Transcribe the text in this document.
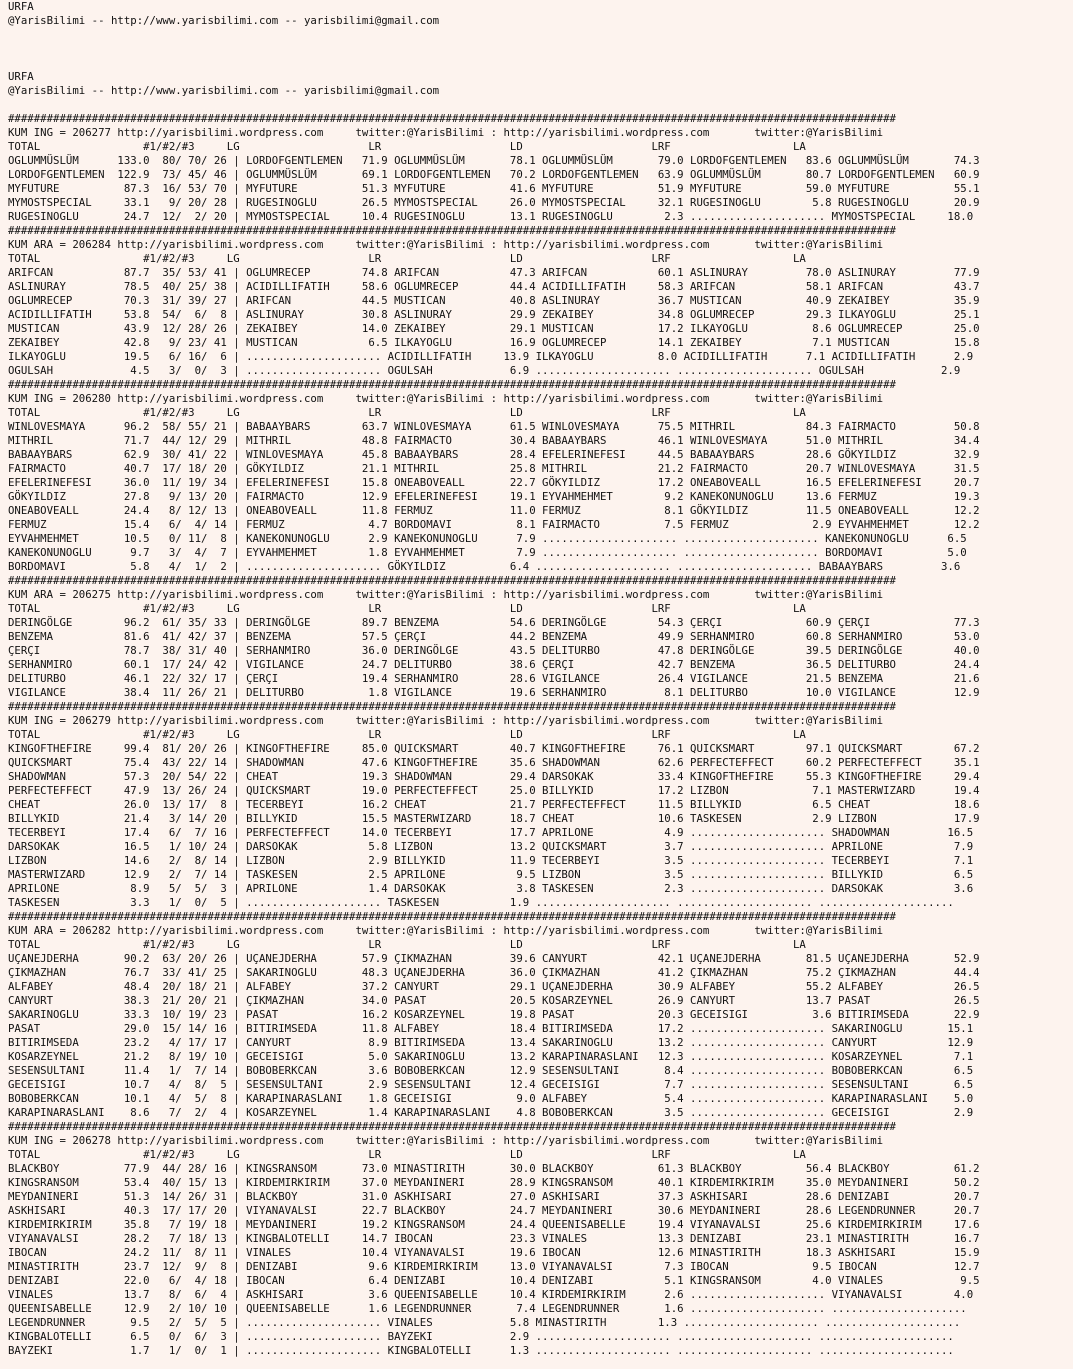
URFA
@YarisBilimi -- http://www.yarisbilimi.com -- yarisbilimi@gmail.com

URFA
@YarisBilimi -- http://www.yarisbilimi.com -- yarisbilimi@gmail.com

##########################################################################################################################################
KUM ING = 206277 http://yarisbilimi.wordpress.com     twitter:@YarisBilimi : http://yarisbilimi.wordpress.com       twitter:@YarisBilimi
TOTAL                #1/#2/#3     LG                    LR                    LD                    LRF                   LA
OGLUMMÜSLÜM      133.0  80/ 70/ 26 | LORDOFGENTLEMEN   71.9 OGLUMMÜSLÜM       78.1 OGLUMMÜSLÜM       79.0 LORDOFGENTLEMEN   83.6 OGLUMMÜSLÜM       74.3
LORDOFGENTLEMEN  122.9  73/ 45/ 46 | OGLUMMÜSLÜM       69.1 LORDOFGENTLEMEN   70.2 LORDOFGENTLEMEN   63.9 OGLUMMÜSLÜM       80.7 LORDOFGENTLEMEN   60.9
MYFUTURE          87.3  16/ 53/ 70 | MYFUTURE          51.3 MYFUTURE          41.6 MYFUTURE          51.9 MYFUTURE          59.0 MYFUTURE          55.1
MYMOSTSPECIAL     33.1   9/ 20/ 28 | RUGESINOGLU       26.5 MYMOSTSPECIAL     26.0 MYMOSTSPECIAL     32.1 RUGESINOGLU        5.8 RUGESINOGLU       20.9
RUGESINOGLU       24.7  12/  2/ 20 | MYMOSTSPECIAL     10.4 RUGESINOGLU       13.1 RUGESINOGLU        2.3 ..................... MYMOSTSPECIAL     18.0
##########################################################################################################################################
KUM ARA = 206284 http://yarisbilimi.wordpress.com     twitter:@YarisBilimi : http://yarisbilimi.wordpress.com       twitter:@YarisBilimi
TOTAL                #1/#2/#3     LG                    LR                    LD                    LRF                   LA
ARIFCAN           87.7  35/ 53/ 41 | OGLUMRECEP        74.8 ARIFCAN           47.3 ARIFCAN           60.1 ASLINURAY         78.0 ASLINURAY         77.9
ASLINURAY         78.5  40/ 25/ 38 | ACIDILLIFATIH     58.6 OGLUMRECEP        44.4 ACIDILLIFATIH     58.3 ARIFCAN           58.1 ARIFCAN           43.7
OGLUMRECEP        70.3  31/ 39/ 27 | ARIFCAN           44.5 MUSTICAN          40.8 ASLINURAY         36.7 MUSTICAN          40.9 ZEKAIBEY          35.9
ACIDILLIFATIH     53.8  54/  6/  8 | ASLINURAY         30.8 ASLINURAY         29.9 ZEKAIBEY          34.8 OGLUMRECEP        29.3 ILKAYOGLU         25.1
MUSTICAN          43.9  12/ 28/ 26 | ZEKAIBEY          14.0 ZEKAIBEY          29.1 MUSTICAN          17.2 ILKAYOGLU          8.6 OGLUMRECEP        25.0
ZEKAIBEY          42.8   9/ 23/ 41 | MUSTICAN           6.5 ILKAYOGLU         16.9 OGLUMRECEP        14.1 ZEKAIBEY           7.1 MUSTICAN          15.8
ILKAYOGLU         19.5   6/ 16/  6 | ..................... ACIDILLIFATIH     13.9 ILKAYOGLU          8.0 ACIDILLIFATIH      7.1 ACIDILLIFATIH      2.9
OGULSAH            4.5   3/  0/  3 | ..................... OGULSAH            6.9 ..................... ..................... OGULSAH            2.9
##########################################################################################################################################
KUM ING = 206280 http://yarisbilimi.wordpress.com     twitter:@YarisBilimi : http://yarisbilimi.wordpress.com       twitter:@YarisBilimi
TOTAL                #1/#2/#3     LG                    LR                    LD                    LRF                   LA
WINLOVESMAYA      96.2  58/ 55/ 21 | BABAAYBARS        63.7 WINLOVESMAYA      61.5 WINLOVESMAYA      75.5 MITHRIL           84.3 FAIRMACTO         50.8
MITHRIL           71.7  44/ 12/ 29 | MITHRIL           48.8 FAIRMACTO         30.4 BABAAYBARS        46.1 WINLOVESMAYA      51.0 MITHRIL           34.4
BABAAYBARS        62.9  30/ 41/ 22 | WINLOVESMAYA      45.8 BABAAYBARS        28.4 EFELERINEFESI     44.5 BABAAYBARS        28.6 GÖKYILDIZ         32.9
FAIRMACTO         40.7  17/ 18/ 20 | GÖKYILDIZ         21.1 MITHRIL           25.8 MITHRIL           21.2 FAIRMACTO         20.7 WINLOVESMAYA      31.5
EFELERINEFESI     36.0  11/ 19/ 34 | EFELERINEFESI     15.8 ONEABOVEALL       22.7 GÖKYILDIZ         17.2 ONEABOVEALL       16.5 EFELERINEFESI     20.7
GÖKYILDIZ         27.8   9/ 13/ 20 | FAIRMACTO         12.9 EFELERINEFESI     19.1 EYVAHMEHMET        9.2 KANEKONUNOGLU     13.6 FERMUZ            19.3
ONEABOVEALL       24.4   8/ 12/ 13 | ONEABOVEALL       11.8 FERMUZ            11.0 FERMUZ             8.1 GÖKYILDIZ         11.5 ONEABOVEALL       12.2
FERMUZ            15.4   6/  4/ 14 | FERMUZ             4.7 BORDOMAVI          8.1 FAIRMACTO          7.5 FERMUZ             2.9 EYVAHMEHMET       12.2
EYVAHMEHMET       10.5   0/ 11/  8 | KANEKONUNOGLU      2.9 KANEKONUNOGLU      7.9 ..................... ..................... KANEKONUNOGLU      6.5
KANEKONUNOGLU      9.7   3/  4/  7 | EYVAHMEHMET        1.8 EYVAHMEHMET        7.9 ..................... ..................... BORDOMAVI          5.0
BORDOMAVI          5.8   4/  1/  2 | ..................... GÖKYILDIZ          6.4 ..................... ..................... BABAAYBARS         3.6
##########################################################################################################################################
KUM ARA = 206275 http://yarisbilimi.wordpress.com     twitter:@YarisBilimi : http://yarisbilimi.wordpress.com       twitter:@YarisBilimi
TOTAL                #1/#2/#3     LG                    LR                    LD                    LRF                   LA
DERINGÖLGE        96.2  61/ 35/ 33 | DERINGÖLGE        89.7 BENZEMA           54.6 DERINGÖLGE        54.3 ÇERÇI             60.9 ÇERÇI             77.3
BENZEMA           81.6  41/ 42/ 37 | BENZEMA           57.5 ÇERÇI             44.2 BENZEMA           49.9 SERHANMIRO        60.8 SERHANMIRO        53.0
ÇERÇI             78.7  38/ 31/ 40 | SERHANMIRO        36.0 DERINGÖLGE        43.5 DELITURBO         47.8 DERINGÖLGE        39.5 DERINGÖLGE        40.0
SERHANMIRO        60.1  17/ 24/ 42 | VIGILANCE         24.7 DELITURBO         38.6 ÇERÇI             42.7 BENZEMA           36.5 DELITURBO         24.4
DELITURBO         46.1  22/ 32/ 17 | ÇERÇI             19.4 SERHANMIRO        28.6 VIGILANCE         26.4 VIGILANCE         21.5 BENZEMA           21.6
VIGILANCE         38.4  11/ 26/ 21 | DELITURBO          1.8 VIGILANCE         19.6 SERHANMIRO         8.1 DELITURBO         10.0 VIGILANCE         12.9
##########################################################################################################################################
KUM ING = 206279 http://yarisbilimi.wordpress.com     twitter:@YarisBilimi : http://yarisbilimi.wordpress.com       twitter:@YarisBilimi
TOTAL                #1/#2/#3     LG                    LR                    LD                    LRF                   LA
KINGOFTHEFIRE     99.4  81/ 20/ 26 | KINGOFTHEFIRE     85.0 QUICKSMART        40.7 KINGOFTHEFIRE     76.1 QUICKSMART        97.1 QUICKSMART        67.2
QUICKSMART        75.4  43/ 22/ 14 | SHADOWMAN         47.6 KINGOFTHEFIRE     35.6 SHADOWMAN         62.6 PERFECTEFFECT     60.2 PERFECTEFFECT     35.1
SHADOWMAN         57.3  20/ 54/ 22 | CHEAT             19.3 SHADOWMAN         29.4 DARSOKAK          33.4 KINGOFTHEFIRE     55.3 KINGOFTHEFIRE     29.4
PERFECTEFFECT     47.9  13/ 26/ 24 | QUICKSMART        19.0 PERFECTEFFECT     25.0 BILLYKID          17.2 LIZBON             7.1 MASTERWIZARD      19.4
CHEAT             26.0  13/ 17/  8 | TECERBEYI         16.2 CHEAT             21.7 PERFECTEFFECT     11.5 BILLYKID           6.5 CHEAT             18.6
BILLYKID          21.4   3/ 14/ 20 | BILLYKID          15.5 MASTERWIZARD      18.7 CHEAT             10.6 TASKESEN           2.9 LIZBON            17.9
TECERBEYI         17.4   6/  7/ 16 | PERFECTEFFECT     14.0 TECERBEYI         17.7 APRILONE           4.9 ..................... SHADOWMAN         16.5
DARSOKAK          16.5   1/ 10/ 24 | DARSOKAK           5.8 LIZBON            13.2 QUICKSMART         3.7 ..................... APRILONE           7.9
LIZBON            14.6   2/  8/ 14 | LIZBON             2.9 BILLYKID          11.9 TECERBEYI          3.5 ..................... TECERBEYI          7.1
MASTERWIZARD      12.9   2/  7/ 14 | TASKESEN           2.5 APRILONE           9.5 LIZBON             3.5 ..................... BILLYKID           6.5
APRILONE           8.9   5/  5/  3 | APRILONE           1.4 DARSOKAK           3.8 TASKESEN           2.3 ..................... DARSOKAK           3.6
TASKESEN           3.3   1/  0/  5 | ..................... TASKESEN           1.9 ..................... ..................... .....................
##########################################################################################################################################
KUM ARA = 206282 http://yarisbilimi.wordpress.com     twitter:@YarisBilimi : http://yarisbilimi.wordpress.com       twitter:@YarisBilimi
TOTAL                #1/#2/#3     LG                    LR                    LD                    LRF                   LA
UÇANEJDERHA       90.2  63/ 20/ 26 | UÇANEJDERHA       57.9 ÇIKMAZHAN         39.6 CANYURT           42.1 UÇANEJDERHA       81.5 UÇANEJDERHA       52.9
ÇIKMAZHAN         76.7  33/ 41/ 25 | SAKARINOGLU       48.3 UÇANEJDERHA       36.0 ÇIKMAZHAN         41.2 ÇIKMAZHAN         75.2 ÇIKMAZHAN         44.4
ALFABEY           48.4  20/ 18/ 21 | ALFABEY           37.2 CANYURT           29.1 UÇANEJDERHA       30.9 ALFABEY           55.2 ALFABEY           26.5
CANYURT           38.3  21/ 20/ 21 | ÇIKMAZHAN         34.0 PASAT             20.5 KOSARZEYNEL       26.9 CANYURT           13.7 PASAT             26.5
SAKARINOGLU       33.3  10/ 19/ 23 | PASAT             16.2 KOSARZEYNEL       19.8 PASAT             20.3 GECEISIGI          3.6 BITIRIMSEDA       22.9
PASAT             29.0  15/ 14/ 16 | BITIRIMSEDA       11.8 ALFABEY           18.4 BITIRIMSEDA       17.2 ..................... SAKARINOGLU       15.1
BITIRIMSEDA       23.2   4/ 17/ 17 | CANYURT            8.9 BITIRIMSEDA       13.4 SAKARINOGLU       13.2 ..................... CANYURT           12.9
KOSARZEYNEL       21.2   8/ 19/ 10 | GECEISIGI          5.0 SAKARINOGLU       13.2 KARAPINARASLANI   12.3 ..................... KOSARZEYNEL        7.1
SESENSULTANI      11.4   1/  7/ 14 | BOBOBERKCAN        3.6 BOBOBERKCAN       12.9 SESENSULTANI       8.4 ..................... BOBOBERKCAN        6.5
GECEISIGI         10.7   4/  8/  5 | SESENSULTANI       2.9 SESENSULTANI      12.4 GECEISIGI          7.7 ..................... SESENSULTANI       6.5
BOBOBERKCAN       10.1   4/  5/  8 | KARAPINARASLANI    1.8 GECEISIGI          9.0 ALFABEY            5.4 ..................... KARAPINARASLANI    5.0
KARAPINARASLANI    8.6   7/  2/  4 | KOSARZEYNEL        1.4 KARAPINARASLANI    4.8 BOBOBERKCAN        3.5 ..................... GECEISIGI          2.9
##########################################################################################################################################
KUM ING = 206278 http://yarisbilimi.wordpress.com     twitter:@YarisBilimi : http://yarisbilimi.wordpress.com       twitter:@YarisBilimi
TOTAL                #1/#2/#3     LG                    LR                    LD                    LRF                   LA
BLACKBOY          77.9  44/ 28/ 16 | KINGSRANSOM       73.0 MINASTIRITH       30.0 BLACKBOY          61.3 BLACKBOY          56.4 BLACKBOY          61.2
KINGSRANSOM       53.4  40/ 15/ 13 | KIRDEMIRKIRIM     37.0 MEYDANINERI       28.9 KINGSRANSOM       40.1 KIRDEMIRKIRIM     35.0 MEYDANINERI       50.2
MEYDANINERI       51.3  14/ 26/ 31 | BLACKBOY          31.0 ASKHISARI         27.0 ASKHISARI         37.3 ASKHISARI         28.6 DENIZABI          20.7
ASKHISARI         40.3  17/ 17/ 20 | VIYANAVALSI       22.7 BLACKBOY          24.7 MEYDANINERI       30.6 MEYDANINERI       28.6 LEGENDRUNNER      20.7
KIRDEMIRKIRIM     35.8   7/ 19/ 18 | MEYDANINERI       19.2 KINGSRANSOM       24.4 QUEENISABELLE     19.4 VIYANAVALSI       25.6 KIRDEMIRKIRIM     17.6
VIYANAVALSI       28.2   7/ 18/ 13 | KINGBALOTELLI     14.7 IBOCAN            23.3 VINALES           13.3 DENIZABI          23.1 MINASTIRITH       16.7
IBOCAN            24.2  11/  8/ 11 | VINALES           10.4 VIYANAVALSI       19.6 IBOCAN            12.6 MINASTIRITH       18.3 ASKHISARI         15.9
MINASTIRITH       23.7  12/  9/  8 | DENIZABI           9.6 KIRDEMIRKIRIM     13.0 VIYANAVALSI        7.3 IBOCAN             9.5 IBOCAN            12.7
DENIZABI          22.0   6/  4/ 18 | IBOCAN             6.4 DENIZABI          10.4 DENIZABI           5.1 KINGSRANSOM        4.0 VINALES            9.5
VINALES           13.7   8/  6/  4 | ASKHISARI          3.6 QUEENISABELLE     10.4 KIRDEMIRKIRIM      2.6 ..................... VIYANAVALSI        4.0
QUEENISABELLE     12.9   2/ 10/ 10 | QUEENISABELLE      1.6 LEGENDRUNNER       7.4 LEGENDRUNNER       1.6 ..................... .....................
LEGENDRUNNER       9.5   2/  5/  5 | ..................... VINALES            5.8 MINASTIRITH        1.3 ..................... .....................
KINGBALOTELLI      6.5   0/  6/  3 | ..................... BAYZEKI            2.9 ..................... ..................... .....................
BAYZEKI            1.7   1/  0/  1 | ..................... KINGBALOTELLI      1.3 ..................... ..................... .....................
